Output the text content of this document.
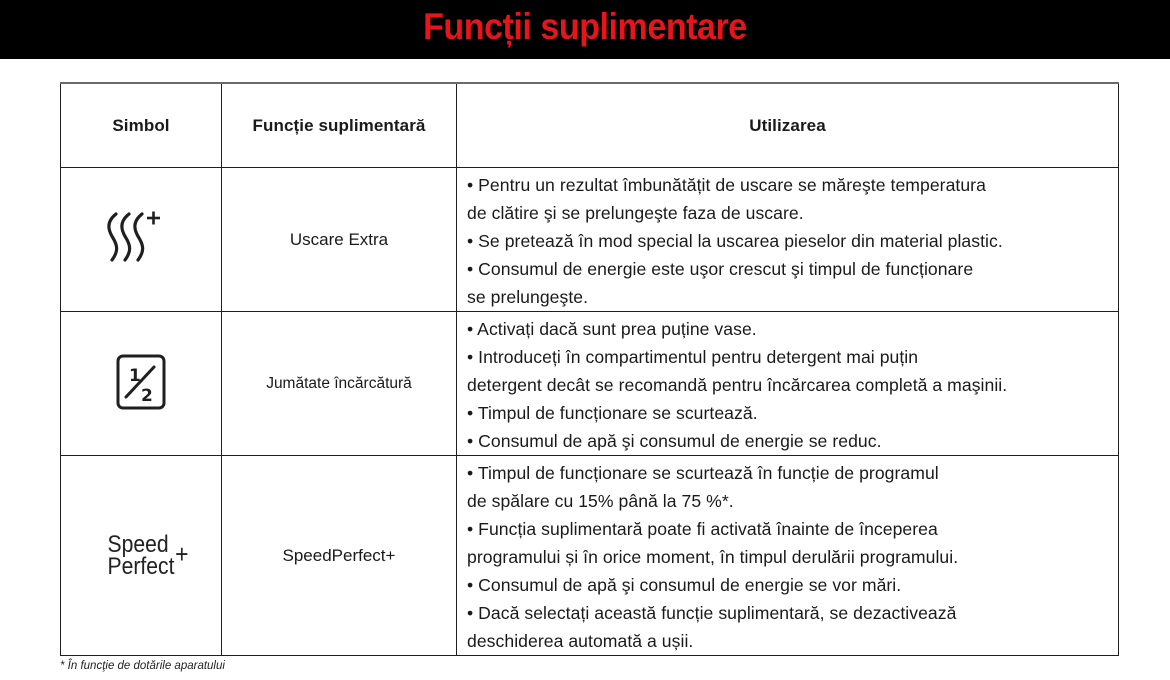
Funcții suplimentare
Simbol	Funcție suplimentară	Utilizarea
	Uscare Extra	• Pentru un rezultat îmbunătățit de uscare se măreşte temperatura
de clătire şi se prelungeşte faza de uscare.
• Se pretează în mod special la uscarea pieselor din material plastic.
• Consumul de energie este uşor crescut şi timpul de funcționare
se prelungeşte.

1
2	Jumătate încărcătură	• Activați dacă sunt prea puține vase.
• Introduceți în compartimentul pentru detergent mai puțin
detergent decât se recomandă pentru încărcarea completă a maşinii.
• Timpul de funcționare se scurtează.
• Consumul de apă şi consumul de energie se reduc.

Speed
Perfect +	SpeedPerfect+	
• Timpul de funcționare se scurtează în funcție de programul
de spălare cu 15% până la 75 %*.
• Funcția suplimentară poate fi activată înainte de începerea
programului și în orice moment, în timpul derulării programului.
• Consumul de apă şi consumul de energie se vor mări.
• Dacă selectați această funcție suplimentară, se dezactivează
deschiderea automată a ușii.
* În funcţie de dotările aparatului
